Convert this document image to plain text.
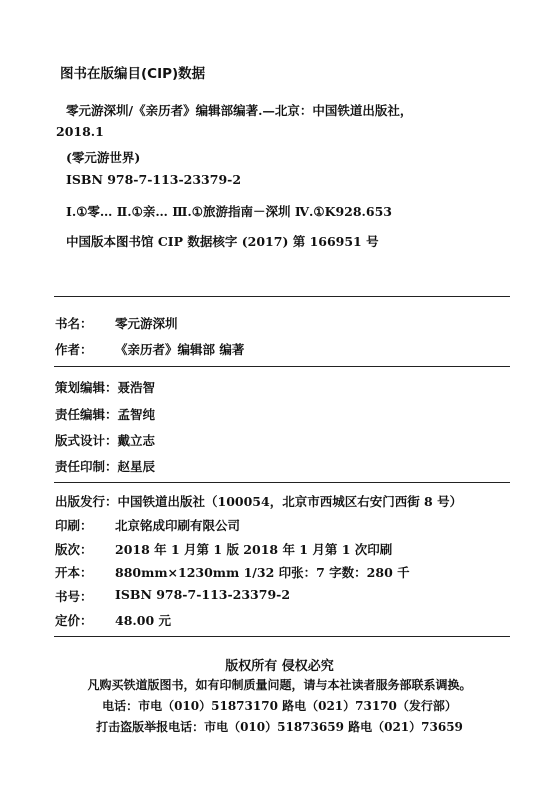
图书在版编目(CIP)数据
零元游深圳/《亲历者》编辑部编著.—北京：中国铁道出版社，
2018.1
(零元游世界)
ISBN 978-7-113-23379-2
Ⅰ.①零… Ⅱ.①亲… Ⅲ.①旅游指南－深圳 Ⅳ.①K928.653
中国版本图书馆 CIP 数据核字 (2017) 第 166951 号
书名：	零元游深圳
作者：	《亲历者》编辑部 编著
策划编辑： 聂浩智
责任编辑： 孟智纯
版式设计： 戴立志
责任印制： 赵星辰
出版发行： 中国铁道出版社（100054，北京市西城区右安门西街 8 号）
印刷：	北京铭成印刷有限公司
版次：	2018 年 1 月第 1 版 2018 年 1 月第 1 次印刷
开本：	880mm×1230mm 1/32 印张：7 字数：280 千
书号：	ISBN 978-7-113-23379-2
定价：	48.00 元
版权所有 侵权必究
凡购买铁道版图书，如有印制质量问题，请与本社读者服务部联系调换。
电话：市电（010）51873170 路电（021）73170（发行部）
打击盗版举报电话：市电（010）51873659 路电（021）73659
